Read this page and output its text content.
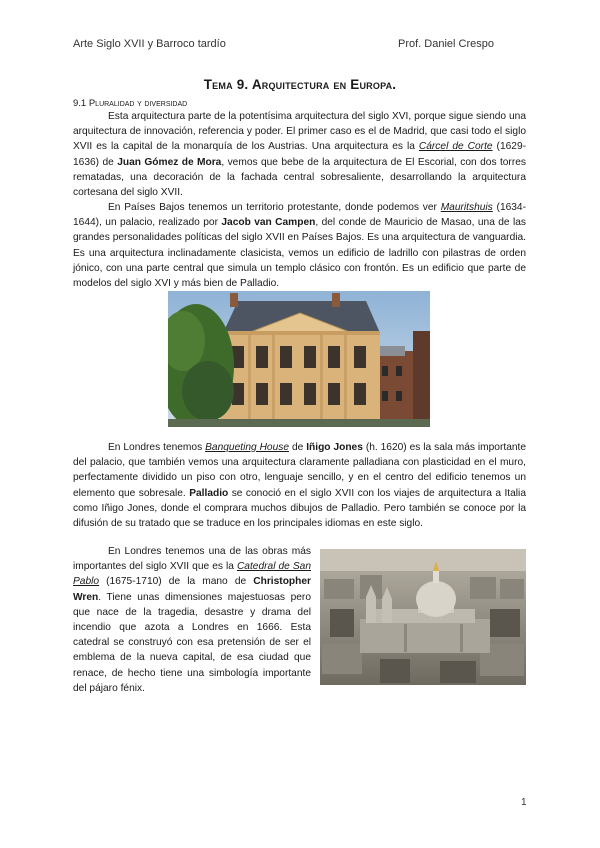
Arte Siglo XVII y Barroco tardío	Prof. Daniel Crespo
Tema 9. Arquitectura en Europa.
9.1 Pluralidad y diversidad

Esta arquitectura parte de la potentísima arquitectura del siglo XVI, porque sigue siendo una arquitectura de innovación, referencia y poder. El primer caso es el de Madrid, que casi todo el siglo XVII es la capital de la monarquía de los Austrias. Una arquitectura es la Cárcel de Corte (1629-1636) de Juan Gómez de Mora, vemos que bebe de la arquitectura de El Escorial, con dos torres rematadas, una decoración de la fachada central sobresaliente, desarrollando la arquitectura cortesana del siglo XVII.

En Países Bajos tenemos un territorio protestante, donde podemos ver Mauritshuis (1634-1644), un palacio, realizado por Jacob van Campen, del conde de Mauricio de Masao, una de las grandes personalidades políticas del siglo XVII en Países Bajos. Es una arquitectura de vanguardia. Es una arquitectura inclinadamente clasicista, vemos un edificio de ladrillo con pilastras de orden jónico, con una parte central que simula un templo clásico con frontón. Es un edificio que parte de modelos del siglo XVI y más bien de Palladio.

En Londres tenemos Banqueting House de Iñigo Jones (h. 1620) es la sala más importante del palacio, que también vemos una arquitectura claramente palladiana con plasticidad en el muro, perfectamente dividido un piso con otro, lenguaje sencillo, y en el centro del edificio tenemos un elemento que sobresale. Palladio se conoció en el siglo XVII con los viajes de arquitectura a Italia como Iñigo Jones, donde el comprara muchos dibujos de Palladio. Pero también se conoce por la difusión de su tratado que se traduce en los principales idiomas en este siglo.

En Londres tenemos una de las obras más importantes del siglo XVII que es la Catedral de San Pablo (1675-1710) de la mano de Christopher Wren. Tiene unas dimensiones majestuosas pero que nace de la tragedia, desastre y drama del incendio que azota a Londres en 1666. Esta catedral se construyó con esa pretensión de ser el emblema de la nueva capital, de esa ciudad que renace, de hecho tiene una simbología importante del pájaro fénix.

1
